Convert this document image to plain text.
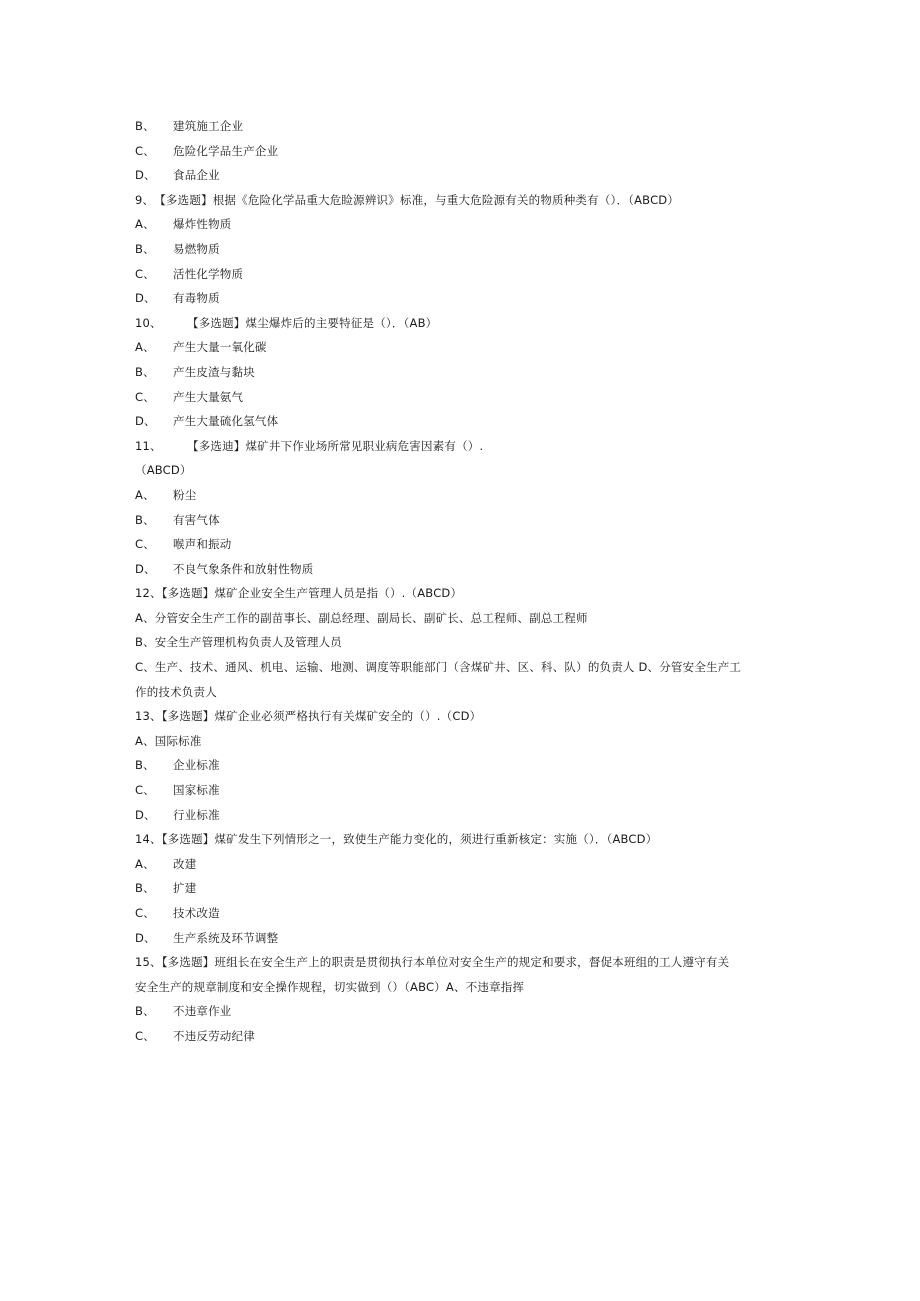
B、 建筑施工企业
C、 危险化学品生产企业
D、 食品企业
9、【多选题】根据《危险化学品重大危睑源辨识》标准，与重大危险源有关的物质种类有（）．（ABCD）
A、 爆炸性物质
B、 易燃物质
C、 活性化学物质
D、 有毒物质
10、 【多选题】煤尘爆炸后的主要特征是（）．（AB）
A、 产生大量一氧化碳
B、 产生皮渣与黏块
C、 产生大量氨气
D、 产生大量硫化氢气体
11、 【多选迪】煤矿井下作业场所常见职业病危害因素有（）.
（ABCD）
A、 粉尘
B、 有害气体
C、 喉声和振动
D、 不良气象条件和放射性物质
12、【多选题】煤矿企业安全生产管理人员是指（）.（ABCD）
A、分管安全生产工作的副苗事长、副总经理、副局长、副矿长、总工程师、副总工程师
B、安全生产管理机构负责人及管理人员
C、生产、技术、通风、机电、运输、地测、调度等职能部门（含煤矿井、区、科、队）的负责人 D、分管安全生产工
作的技术负责人
13、【多选题】煤矿企业必须严格执行有关煤矿安全的（）.（CD）
A、国际标准
B、 企业标准
C、 国家标准
D、 行业标准
14、【多选题】煤矿发生下列情形之一，致使生产能力变化的，须进行重新核定：实施（）．（ABCD）
A、 改建
B、 扩建
C、 技术改造
D、 生产系统及环节调整
15、【多选题】班组长在安全生产上的职责是贯彻执行本单位对安全生产的规定和要求，督促本班组的工人遵守有关
安全生产的规章制度和安全操作规程，切实做到（）（ABC）A、不违章指挥
B、 不违章作业
C、 不违反劳动纪律
